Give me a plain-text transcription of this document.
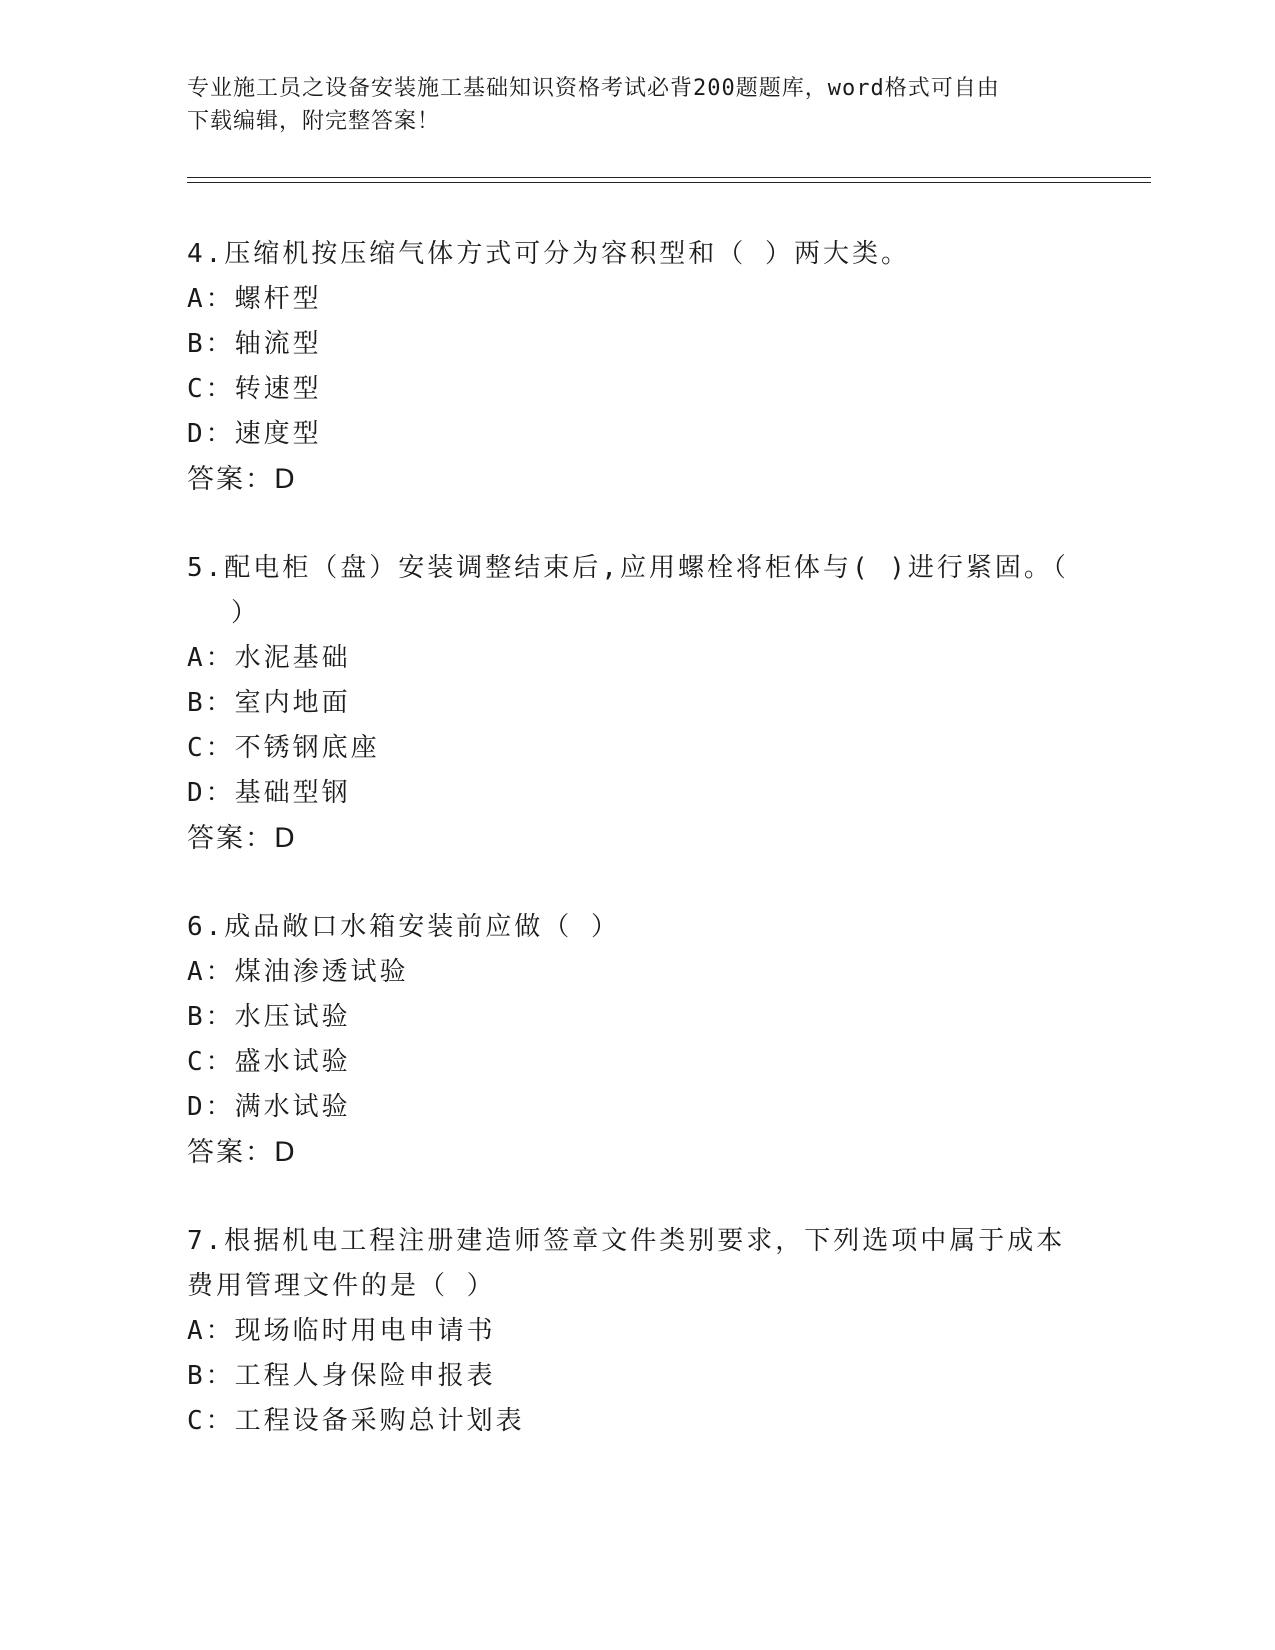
专业施工员之设备安装施工基础知识资格考试必背200题题库，word格式可自由
下载编辑，附完整答案！

4.压缩机按压缩气体方式可分为容积型和（ ）两大类。

A：螺杆型
B：轴流型
C：转速型
D：速度型
答案：D

5.配电柜（盘）安装调整结束后,应用螺栓将柜体与( )进行紧固。（

）

A：水泥基础
B：室内地面
C：不锈钢底座
D：基础型钢
答案：D

6.成品敞口水箱安装前应做（ ）

A：煤油渗透试验
B：水压试验
C：盛水试验
D：满水试验
答案：D

7.根据机电工程注册建造师签章文件类别要求，下列选项中属于成本

费用管理文件的是（ ）

A：现场临时用电申请书
B：工程人身保险申报表
C：工程设备采购总计划表
